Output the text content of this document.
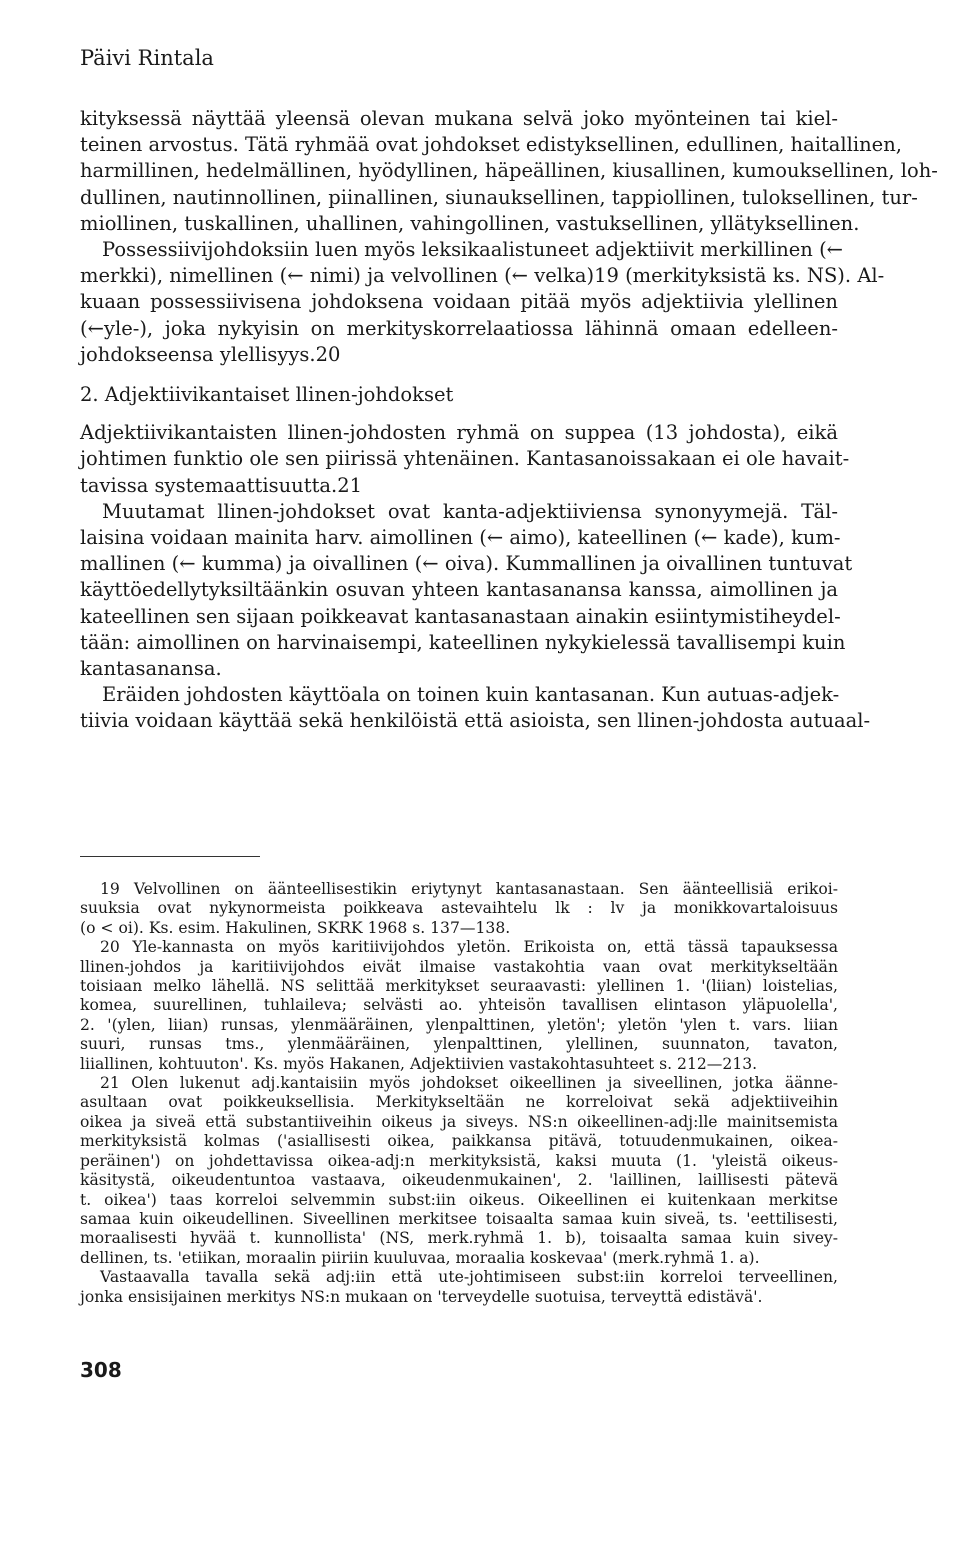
Päivi Rintala
kityksessä näyttää yleensä olevan mukana selvä joko myönteinen tai kiel-
teinen arvostus. Tätä ryhmää ovat johdokset edistyksellinen, edullinen, haitallinen,
harmillinen, hedelmällinen, hyödyllinen, häpeällinen, kiusallinen, kumouksellinen, loh-
dullinen, nautinnollinen, piinallinen, siunauksellinen, tappiollinen, tuloksellinen, tur-
miollinen, tuskallinen, uhallinen, vahingollinen, vastuksellinen, yllätyksellinen.
Possessiivijohdoksiin luen myös leksikaalistuneet adjektiivit merkillinen (←
merkki), nimellinen (← nimi) ja velvollinen (← velka)19 (merkityksistä ks. NS). Al-
kuaan possessiivisena johdoksena voidaan pitää myös adjektiivia ylellinen
(←yle-), joka nykyisin on merkityskorrelaatiossa lähinnä omaan edelleen-
johdokseensa ylellisyys.20
2. Adjektiivikantaiset llinen-johdokset
Adjektiivikantaisten llinen-johdosten ryhmä on suppea (13 johdosta), eikä
johtimen funktio ole sen piirissä yhtenäinen. Kantasanoissakaan ei ole havait-
tavissa systemaattisuutta.21
Muutamat llinen-johdokset ovat kanta-adjektiiviensa synonyymejä. Täl-
laisina voidaan mainita harv. aimollinen (← aimo), kateellinen (← kade), kum-
mallinen (← kumma) ja oivallinen (← oiva). Kummallinen ja oivallinen tuntuvat
käyttöedellytyksiltäänkin osuvan yhteen kantasanansa kanssa, aimollinen ja
kateellinen sen sijaan poikkeavat kantasanastaan ainakin esiintymistiheydel-
tään: aimollinen on harvinaisempi, kateellinen nykykielessä tavallisempi kuin
kantasanansa.
Eräiden johdosten käyttöala on toinen kuin kantasanan. Kun autuas-adjek-
tiivia voidaan käyttää sekä henkilöistä että asioista, sen llinen-johdosta autuaal-
19 Velvollinen on äänteellisestikin eriytynyt kantasanastaan. Sen äänteellisiä erikoi-
suuksia ovat nykynormeista poikkeava astevaihtelu lk : lv ja monikkovartaloisuus
(o < oi). Ks. esim. Hakulinen, SKRK 1968 s. 137—138.
20 Yle-kannasta on myös karitiivijohdos yletön. Erikoista on, että tässä tapauksessa
llinen-johdos ja karitiivijohdos eivät ilmaise vastakohtia vaan ovat merkitykseltään
toisiaan melko lähellä. NS selittää merkitykset seuraavasti: ylellinen 1. '(liian) loistelias,
komea, suurellinen, tuhlaileva; selvästi ao. yhteisön tavallisen elintason yläpuolella',
2. '(ylen, liian) runsas, ylenmääräinen, ylenpalttinen, yletön'; yletön 'ylen t. vars. liian
suuri, runsas tms., ylenmääräinen, ylenpalttinen, ylellinen, suunnaton, tavaton,
liiallinen, kohtuuton'. Ks. myös Hakanen, Adjektiivien vastakohtasuhteet s. 212—213.
21 Olen lukenut adj.kantaisiin myös johdokset oikeellinen ja siveellinen, jotka äänne-
asultaan ovat poikkeuksellisia. Merkitykseltään ne korreloivat sekä adjektiiveihin
oikea ja siveä että substantiiveihin oikeus ja siveys. NS:n oikeellinen-adj:lle mainitsemista
merkityksistä kolmas ('asiallisesti oikea, paikkansa pitävä, totuudenmukainen, oikea-
peräinen') on johdettavissa oikea-adj:n merkityksistä, kaksi muuta (1. 'yleistä oikeus-
käsitystä, oikeudentuntoa vastaava, oikeudenmukainen', 2. 'laillinen, laillisesti pätevä
t. oikea') taas korreloi selvemmin subst:iin oikeus. Oikeellinen ei kuitenkaan merkitse
samaa kuin oikeudellinen. Siveellinen merkitsee toisaalta samaa kuin siveä, ts. 'eettilisesti,
moraalisesti hyvää t. kunnollista' (NS, merk.ryhmä 1. b), toisaalta samaa kuin sivey-
dellinen, ts. 'etiikan, moraalin piiriin kuuluvaa, moraalia koskevaa' (merk.ryhmä 1. a).
Vastaavalla tavalla sekä adj:iin että ute-johtimiseen subst:iin korreloi terveellinen,
jonka ensisijainen merkitys NS:n mukaan on 'terveydelle suotuisa, terveyttä edistävä'.
308
